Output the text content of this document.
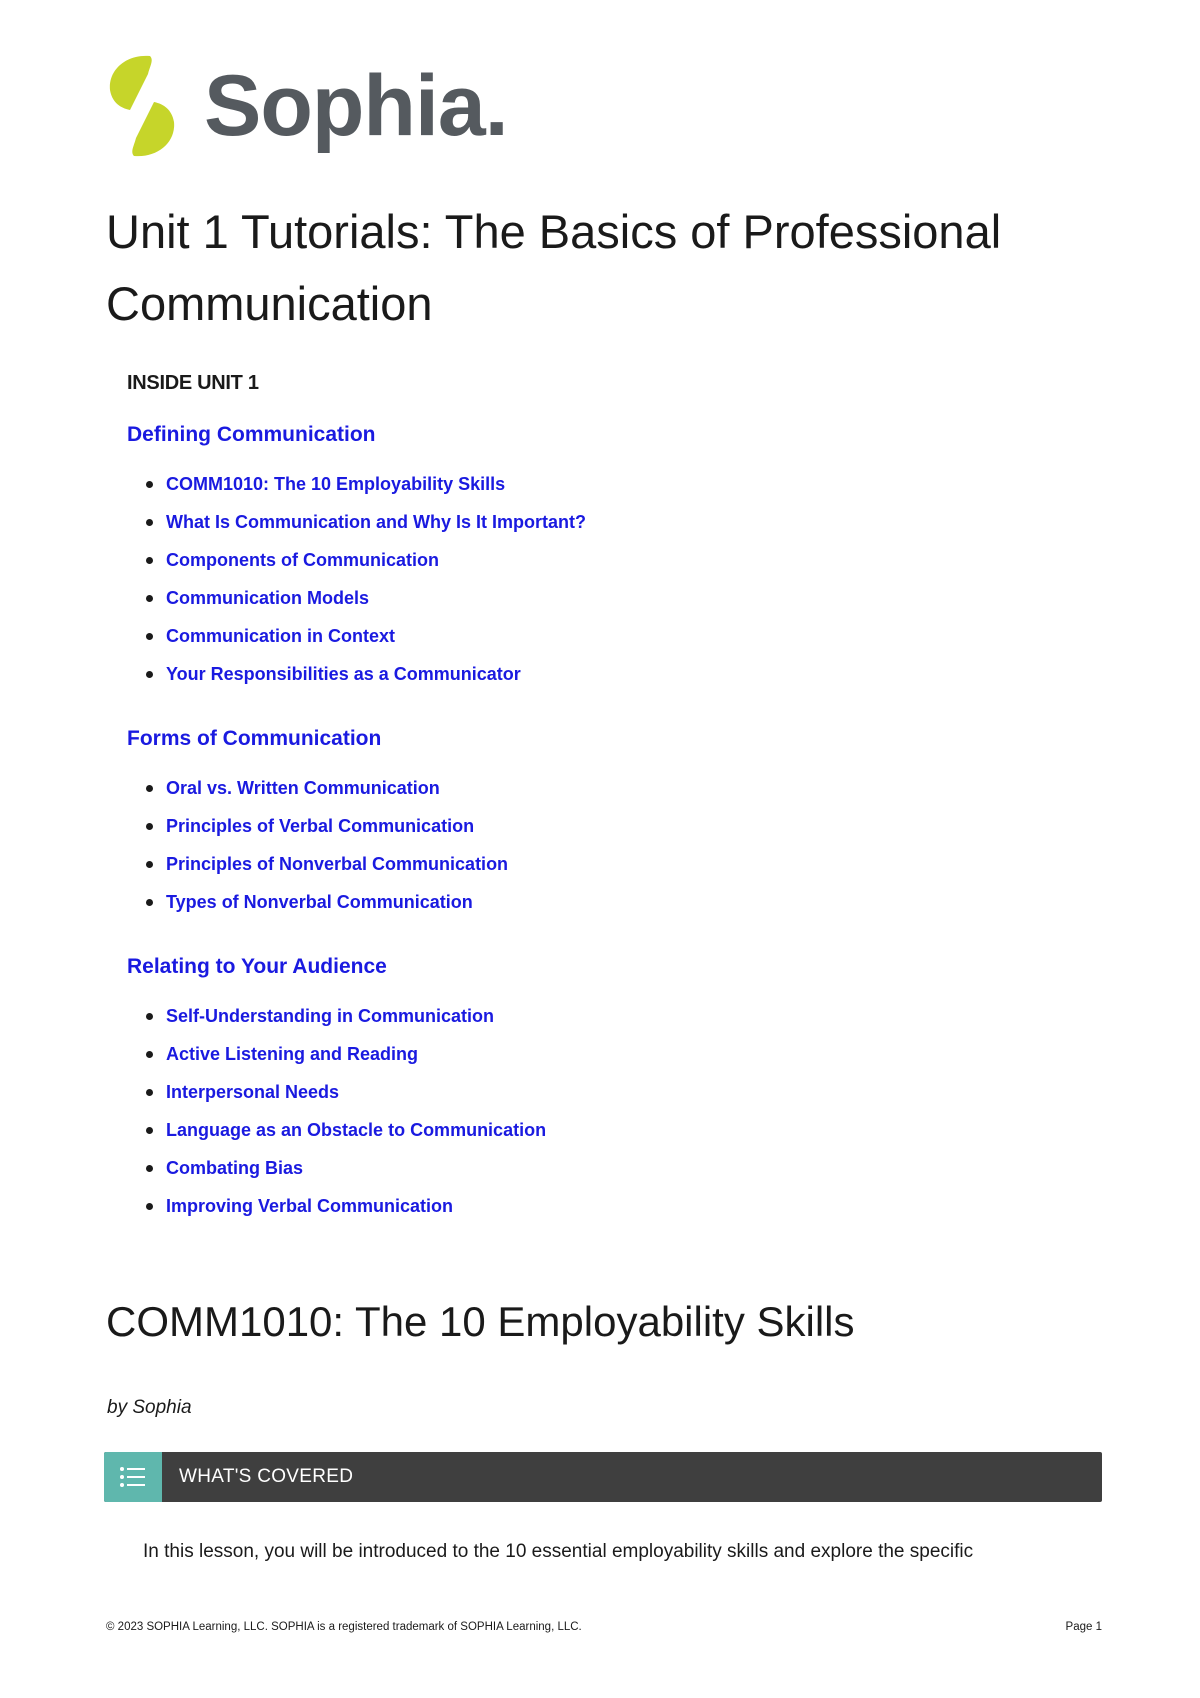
Sophia.
Unit 1 Tutorials: The Basics of Professional Communication
INSIDE UNIT 1
Defining Communication
COMM1010: The 10 Employability Skills
What Is Communication and Why Is It Important?
Components of Communication
Communication Models
Communication in Context
Your Responsibilities as a Communicator
Forms of Communication
Oral vs. Written Communication
Principles of Verbal Communication
Principles of Nonverbal Communication
Types of Nonverbal Communication
Relating to Your Audience
Self-Understanding in Communication
Active Listening and Reading
Interpersonal Needs
Language as an Obstacle to Communication
Combating Bias
Improving Verbal Communication
COMM1010: The 10 Employability Skills
by Sophia
WHAT'S COVERED
In this lesson, you will be introduced to the 10 essential employability skills and explore the specific
© 2023 SOPHIA Learning, LLC. SOPHIA is a registered trademark of SOPHIA Learning, LLC.	Page 1
